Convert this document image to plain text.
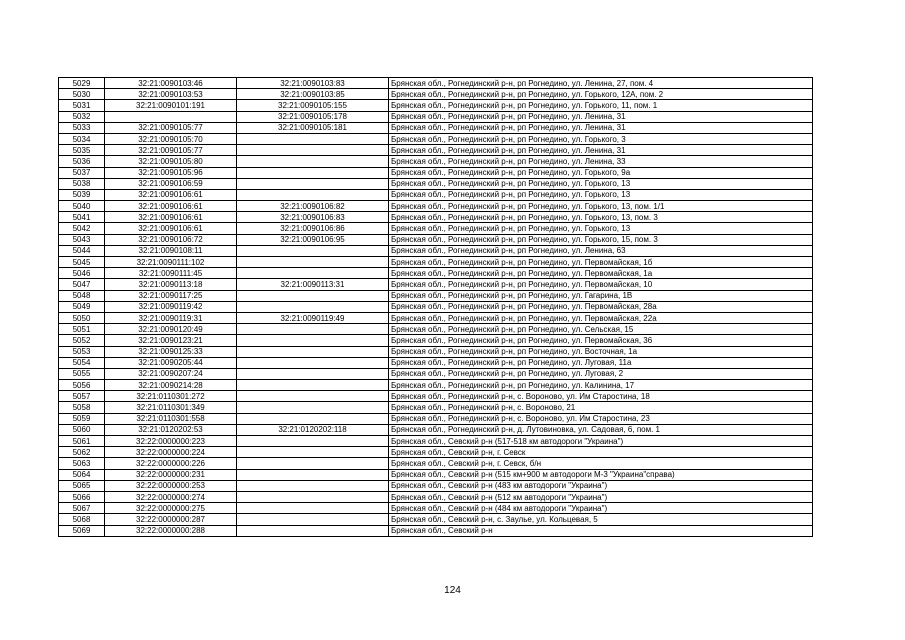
5029	32:21:0090103:46	32:21:0090103:83	Брянская обл., Рогнединский р-н, рп Рогнедино, ул. Ленина, 27, пом. 4
5030	32:21:0090103:53	32:21:0090103:85	Брянская обл., Рогнединский р-н, рп Рогнедино, ул. Горького, 12А, пом. 2
5031	32:21:0090101:191	32:21:0090105:155	Брянская обл., Рогнединский р-н, рп Рогнедино, ул. Горького, 11, пом. 1
5032		32:21:0090105:178	Брянская обл., Рогнединский р-н, рп Рогнедино, ул. Ленина, 31
5033	32:21:0090105:77	32:21:0090105:181	Брянская обл., Рогнединский р-н, рп Рогнедино, ул. Ленина, 31
5034	32:21:0090105:70		Брянская обл., Рогнединский р-н, рп Рогнедино, ул. Горького, 3
5035	32:21:0090105:77		Брянская обл., Рогнединский р-н, рп Рогнедино, ул. Ленина, 31
5036	32:21:0090105:80		Брянская обл., Рогнединский р-н, рп Рогнедино, ул. Ленина, 33
5037	32:21:0090105:96		Брянская обл., Рогнединский р-н, рп Рогнедино, ул. Горького, 9а
5038	32:21:0090106:59		Брянская обл., Рогнединский р-н, рп Рогнедино, ул. Горького, 13
5039	32:21:0090106:61		Брянская обл., Рогнединский р-н, рп Рогнедино, ул. Горького, 13
5040	32:21:0090106:61	32:21:0090106:82	Брянская обл., Рогнединский р-н, рп Рогнедино, ул. Горького, 13, пом. 1/1
5041	32:21:0090106:61	32:21:0090106:83	Брянская обл., Рогнединский р-н, рп Рогнедино, ул. Горького, 13, пом. 3
5042	32:21:0090106:61	32:21:0090106:86	Брянская обл., Рогнединский р-н, рп Рогнедино, ул. Горького, 13
5043	32:21:0090106:72	32:21:0090106:95	Брянская обл., Рогнединский р-н, рп Рогнедино, ул. Горького, 15, пом. 3
5044	32:21:0090108:11		Брянская обл., Рогнединский р-н, рп Рогнедино, ул. Ленина, 63
5045	32:21:0090111:102		Брянская обл., Рогнединский р-н, рп Рогнедино, ул. Первомайская, 1б
5046	32:21:0090111:45		Брянская обл., Рогнединский р-н, рп Рогнедино, ул. Первомайская, 1а
5047	32:21:0090113:18	32:21:0090113:31	Брянская обл., Рогнединский р-н, рп Рогнедино, ул. Первомайская, 10
5048	32:21:0090117:25		Брянская обл., Рогнединский р-н, рп Рогнедино, ул. Гагарина, 1В
5049	32:21:0090119:42		Брянская обл., Рогнединский р-н, рп Рогнедино, ул. Первомайская, 28а
5050	32:21:0090119:31	32:21:0090119:49	Брянская обл., Рогнединский р-н, рп Рогнедино, ул. Первомайская, 22а
5051	32:21:0090120:49		Брянская обл., Рогнединский р-н, рп Рогнедино, ул. Сельская, 15
5052	32:21:0090123:21		Брянская обл., Рогнединский р-н, рп Рогнедино, ул. Первомайская, 36
5053	32:21:0090125:33		Брянская обл., Рогнединский р-н, рп Рогнедино, ул. Восточная, 1а
5054	32:21:0090205:44		Брянская обл., Рогнединский р-н, рп Рогнедино, ул. Луговая, 11а
5055	32:21:0090207:24		Брянская обл., Рогнединский р-н, рп Рогнедино, ул. Луговая, 2
5056	32:21:0090214:28		Брянская обл., Рогнединский р-н, рп Рогнедино, ул. Калинина, 17
5057	32:21:0110301:272		Брянская обл., Рогнединский р-н, с. Вороново, ул. Им Старостина, 18
5058	32:21:0110301:349		Брянская обл., Рогнединский р-н, с. Вороново, 21
5059	32:21:0110301:558		Брянская обл., Рогнединский р-н, с. Вороново, ул. Им Старостина, 23
5060	32:21:0120202:53	32:21:0120202:118	Брянская обл., Рогнединский р-н, д. Лутовиновка, ул. Садовая, 6, пом. 1
5061	32:22:0000000:223		Брянская обл., Севский р-н (517-518 км автодороги "Украина")
5062	32:22:0000000:224		Брянская обл., Севский р-н, г. Севск
5063	32:22:0000000:226		Брянская обл., Севский р-н, г. Севск, б/н
5064	32:22:0000000:231		Брянская обл., Севский р-н (515 км+900 м автодороги М-3 "Украина"справа)
5065	32:22:0000000:253		Брянская обл., Севский р-н (483 км автодороги "Украина")
5066	32:22:0000000:274		Брянская обл., Севский р-н (512 км автодороги "Украина")
5067	32:22:0000000:275		Брянская обл., Севский р-н (484 км автодороги "Украина")
5068	32:22:0000000:287		Брянская обл., Севский р-н, с. Заулье, ул. Кольцевая, 5
5069	32:22:0000000:288		Брянская обл., Севский р-н
124
